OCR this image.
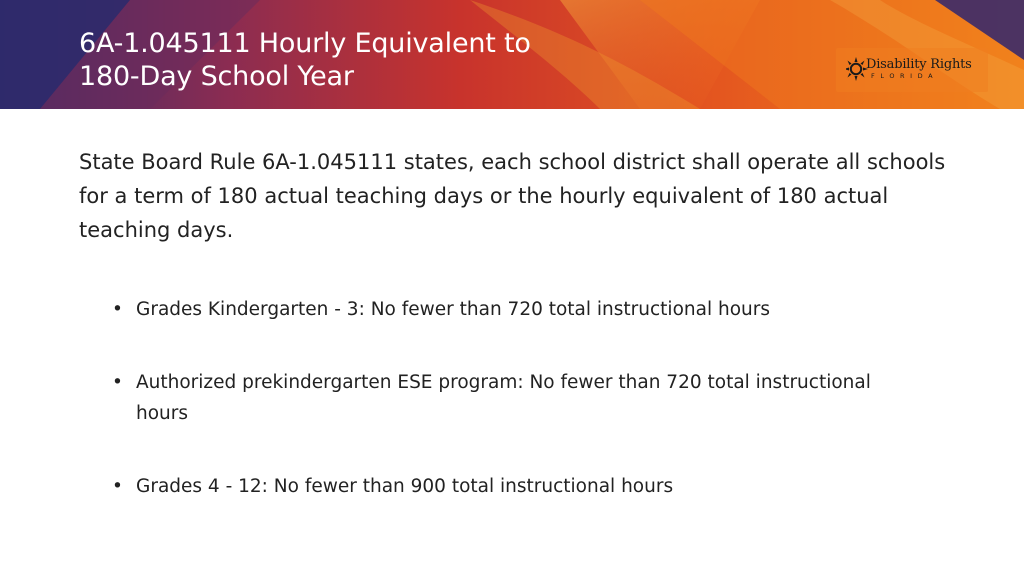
6A-1.045111 Hourly Equivalent to
180-Day School Year	Disability Rights
FLORIDA

State Board Rule 6A-1.045111 states, each school district shall operate all schools for a term of 180 actual teaching days or the hourly equivalent of 180 actual teaching days.

• Grades Kindergarten - 3: No fewer than 720 total instructional hours
• Authorized prekindergarten ESE program: No fewer than 720 total instructional hours
• Grades 4 - 12: No fewer than 900 total instructional hours
